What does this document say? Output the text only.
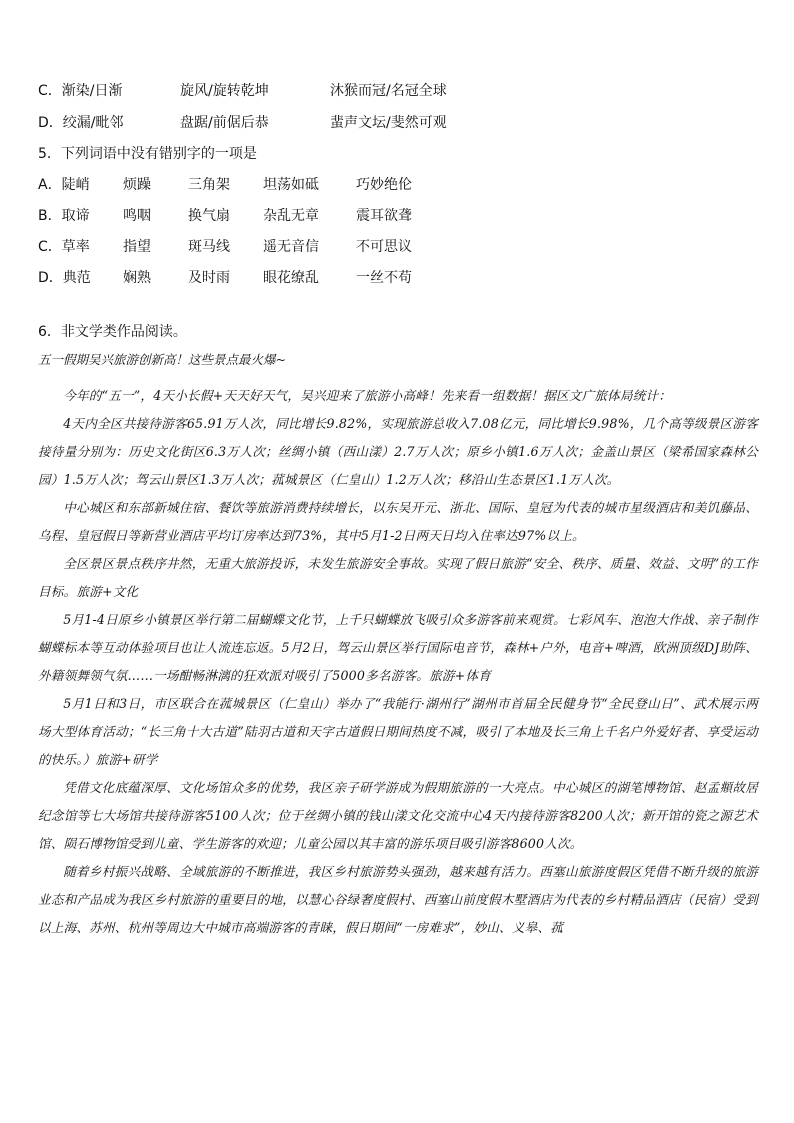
C．渐染/日渐	旋风/旋转乾坤	沐猴而冠/名冠全球
D．绞漏/毗邻	盘踞/前倨后恭	蜚声文坛/斐然可观
5．下列词语中没有错别字的一项是
A．陡峭 烦躁	三角架 坦荡如砥	巧妙绝伦
B．取谛 鸣咽	换气扇 杂乱无章	震耳欲聋
C．草率 指望	斑马线 遥无音信	不可思议
D．典范 娴熟	及时雨 眼花缭乱	一丝不苟
6．非文学类作品阅读。
五一假期吴兴旅游创新高！这些景点最火爆~

今年的“五一”，4天小长假+天天好天气，吴兴迎来了旅游小高峰！先来看一组数据！据区文广旅体局统计：

4天内全区共接待游客65.91万人次，同比增长9.82%，实现旅游总收入7.08亿元，同比增长9.98%，几个高等级景区游客接待量分别为：历史文化街区6.3万人次；丝绸小镇（西山漾）2.7万人次；原乡小镇1.6万人次；金盖山景区（梁希国家森林公园）1.5万人次；驾云山景区1.3万人次；菰城景区（仁皇山）1.2万人次；移沿山生态景区1.1万人次。

中心城区和东部新城住宿、餐饮等旅游消费持续增长，以东吴开元、浙北、国际、皇冠为代表的城市星级酒店和美饥藤品、乌程、皇冠假日等新营业酒店平均订房率达到73%，其中5月1-2日两天日均入住率达97%以上。

全区景区景点秩序井然，无重大旅游投诉，未发生旅游安全事故。实现了假日旅游“安全、秩序、质量、效益、文明”的工作目标。旅游+文化

5月1-4日原乡小镇景区举行第二届蝴蝶文化节，上千只蝴蝶放飞吸引众多游客前来观赏。七彩风车、泡泡大作战、亲子制作蝴蝶标本等互动体验项目也让人流连忘返。5月2日，驾云山景区举行国际电音节，森林+户外，电音+啤酒，欧洲顶级DJ助阵、外籍领舞领气氛……一场酣畅淋漓的狂欢派对吸引了5000多名游客。旅游+体育

5月1日和3日，市区联合在菰城景区（仁皇山）举办了“我能行·湖州行”湖州市首届全民健身节“全民登山日”、武术展示两场大型体育活动；“长三角十大古道”陆羽古道和天字古道假日期间热度不减，吸引了本地及长三角上千名户外爱好者、享受运动的快乐。）旅游+研学

凭借文化底蕴深厚、文化场馆众多的优势，我区亲子研学游成为假期旅游的一大亮点。中心城区的湖笔博物馆、赵孟頫故居纪念馆等七大场馆共接待游客5100人次；位于丝绸小镇的钱山漾文化交流中心4天内接待游客8200人次；新开馆的瓷之源艺术馆、陨石博物馆受到儿童、学生游客的欢迎；儿童公园以其丰富的游乐项目吸引游客8600人次。

随着乡村振兴战略、全域旅游的不断推进，我区乡村旅游势头强劲，越来越有活力。西塞山旅游度假区凭借不断升级的旅游业态和产品成为我区乡村旅游的重要目的地，以慧心谷绿奢度假村、西塞山前度假木墅酒店为代表的乡村精品酒店（民宿）受到以上海、苏州、杭州等周边大中城市高端游客的青睐，假日期间“一房难求”，妙山、义皋、菰
